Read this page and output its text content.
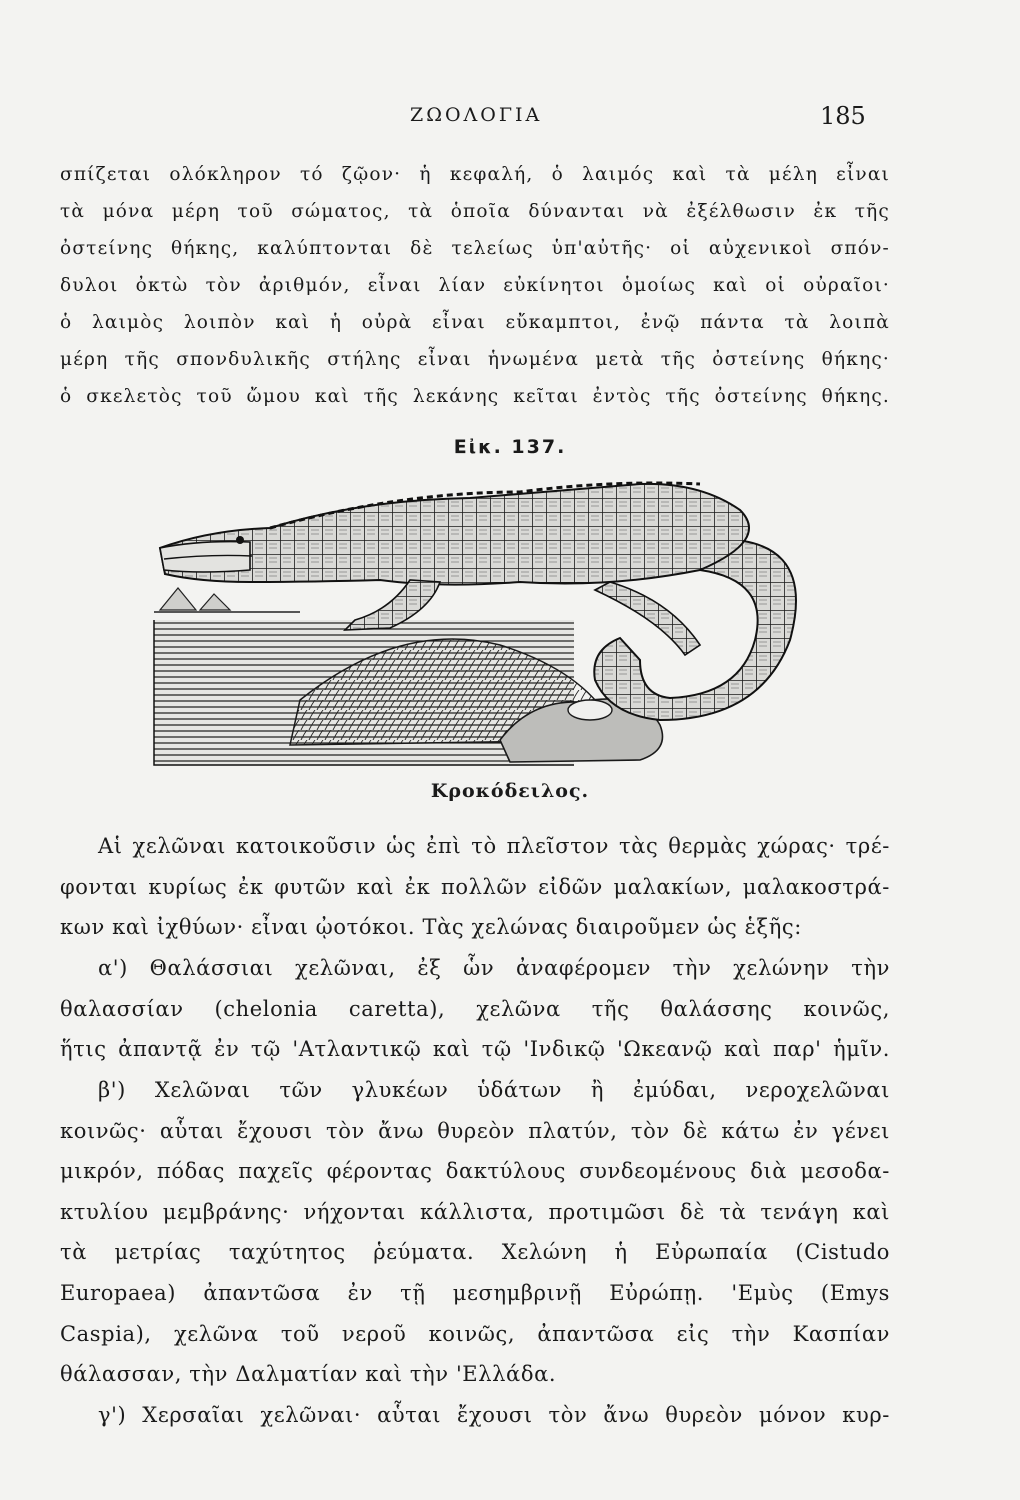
ΖΩΟΛΟΓΙΑ	185
σπίζεται ολόκληρον τό ζῷον· ἡ κεφαλή, ὁ λαιμός καὶ τὰ μέλη εἶναι
τὰ μόνα μέρη τοῦ σώματος, τὰ ὁποῖα δύνανται νὰ ἐξέλθωσιν ἐκ τῆς
ὀστείνης θήκης, καλύπτονται δὲ τελείως ὑπ'αὐτῆς· οἱ αὐχενικοὶ σπόν-
δυλοι ὀκτὼ τὸν ἀριθμόν, εἶναι λίαν εὐκίνητοι ὁμοίως καὶ οἱ οὐραῖοι·
ὁ λαιμὸς λοιπὸν καὶ ἡ οὐρὰ εἶναι εὔκαμπτοι, ἐνῷ πάντα τὰ λοιπὰ
μέρη τῆς σπονδυλικῆς στήλης εἶναι ἡνωμένα μετὰ τῆς ὀστείνης θήκης·
ὁ σκελετὸς τοῦ ὤμου καὶ τῆς λεκάνης κεῖται ἐντὸς τῆς ὀστείνης θήκης.
Εἰκ. 137.
Κροκόδειλος.
Αἱ χελῶναι κατοικοῦσιν ὡς ἐπὶ τὸ πλεῖστον τὰς θερμὰς χώρας· τρέ-
φονται κυρίως ἐκ φυτῶν καὶ ἐκ πολλῶν εἰδῶν μαλακίων, μαλακοστρά-
κων καὶ ἰχθύων· εἶναι ᾠοτόκοι. Τὰς χελώνας διαιροῦμεν ὡς ἑξῆς:
α') Θαλάσσιαι χελῶναι, ἐξ ὧν ἀναφέρομεν τὴν χελώνην τὴν
θαλασσίαν (chelonia caretta), χελῶνα τῆς θαλάσσης κοινῶς,
ἥτις ἀπαντᾷ ἐν τῷ 'Ατλαντικῷ καὶ τῷ 'Ινδικῷ 'Ωκεανῷ καὶ παρ' ἡμῖν.
β') Χελῶναι τῶν γλυκέων ὑδάτων ἢ ἐμύδαι, νεροχελῶναι
κοινῶς· αὗται ἔχουσι τὸν ἄνω θυρεὸν πλατύν, τὸν δὲ κάτω ἐν γένει
μικρόν, πόδας παχεῖς φέροντας δακτύλους συνδεομένους διὰ μεσοδα-
κτυλίου μεμβράνης· νήχονται κάλλιστα, προτιμῶσι δὲ τὰ τενάγη καὶ
τὰ μετρίας ταχύτητος ῥεύματα. Χελώνη ἡ Εὐρωπαία (Cistudo
Europaea) ἀπαντῶσα ἐν τῇ μεσημβρινῇ Εὐρώπῃ. 'Εμὺς (Emys
Caspia), χελῶνα τοῦ νεροῦ κοινῶς, ἀπαντῶσα εἰς τὴν Κασπίαν
θάλασσαν, τὴν Δαλματίαν καὶ τὴν 'Ελλάδα.
γ') Χερσαῖαι χελῶναι· αὗται ἔχουσι τὸν ἄνω θυρεὸν μόνον κυρ-
